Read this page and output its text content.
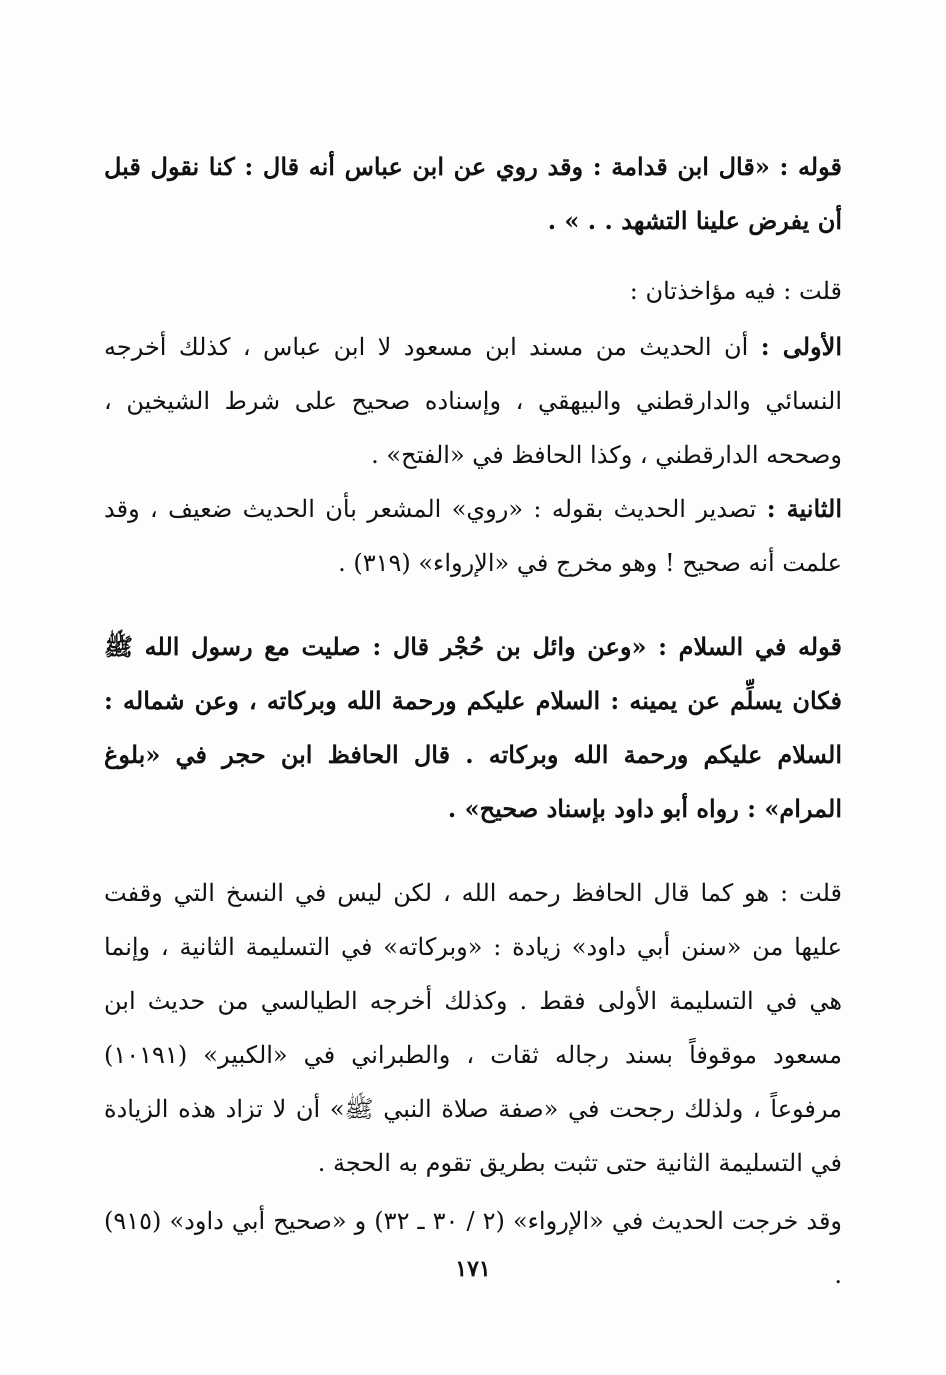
قوله : «قال ابن قدامة : وقد روي عن ابن عباس أنه قال : كنا نقول قبل أن يفرض علينا التشهد . . » .

قلت : فيه مؤاخذتان :

الأولى : أن الحديث من مسند ابن مسعود لا ابن عباس ، كذلك أخرجه النسائي والدارقطني والبيهقي ، وإسناده صحيح على شرط الشيخين ، وصححه الدارقطني ، وكذا الحافظ في «الفتح» .

الثانية : تصدير الحديث بقوله : «روي» المشعر بأن الحديث ضعيف ، وقد علمت أنه صحيح ! وهو مخرج في «الإرواء» (٣١٩) .

قوله في السلام : «وعن وائل بن حُجْر قال : صليت مع رسول الله ﷺ فكان يسلِّم عن يمينه : السلام عليكم ورحمة الله وبركاته ، وعن شماله : السلام عليكم ورحمة الله وبركاته . قال الحافظ ابن حجر في «بلوغ المرام» : رواه أبو داود بإسناد صحيح» .

قلت : هو كما قال الحافظ رحمه الله ، لكن ليس في النسخ التي وقفت عليها من «سنن أبي داود» زيادة : «وبركاته» في التسليمة الثانية ، وإنما هي في التسليمة الأولى فقط . وكذلك أخرجه الطيالسي من حديث ابن مسعود موقوفاً بسند رجاله ثقات ، والطبراني في «الكبير» (١٠١٩١) مرفوعاً ، ولذلك رجحت في «صفة صلاة النبي ﷺ» أن لا تزاد هذه الزيادة في التسليمة الثانية حتى تثبت بطريق تقوم به الحجة .

وقد خرجت الحديث في «الإرواء» (٢ / ٣٠ ـ ٣٢) و «صحيح أبي داود» (٩١٥) .

١٧١
